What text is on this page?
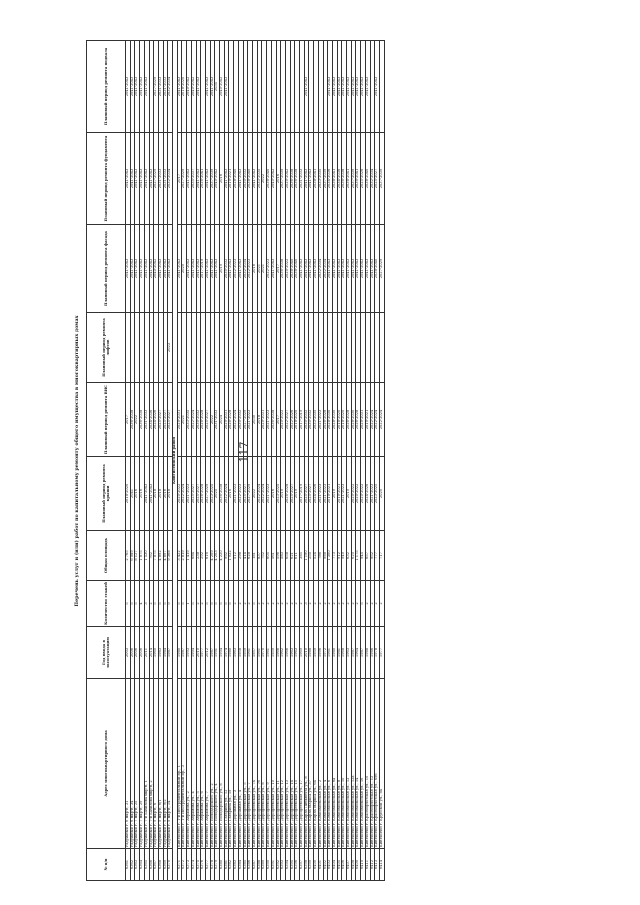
117
Перечень услуг и (или) работ по капитальному ремонту общего имущества в многоквартирных домах
№ п/п	Адрес многоквартирного дома	Год ввода в эксплуатацию	Количество этажей	Общая площадь	Плановый период ремонта крыши	Плановый период ремонта ВИС	Плановый период ремонта лифтов	Плановый период ремонта фасада	Плановый период ремонта фундамента	Плановый период ремонта подвала
6361	Радужный г. 6 мкр-н, 31	2003	5	2 765	2018-2020	2017		2041-2043	2041-2043	2041-2043
6362	Радужный г. 6 мкр-н, 34	2006	5	6 989	2041	2036-2038		2041-2043	2041-2043	2041-2043
6363	Радужный г. 7 мкр-н, 25	2006	5	8 127	2016	2022		2041-2043	2041-2043	2041-2043
6364	Радужный г. 7 мкр-н, 29	2006	4	1 875	2016	2036-2038		2041-2043	2041-2043	2041-2043
6365	Радужный г. 7-й Бахилова мкр-н, 1	2011	3	1 530	2041-2043	2031-2033		2041-2043	2041-2043	2041-2043
6366	Радужный г. 7-й Бахилова мкр-н, 2	2014	2	762	2041-2043	2034-2036		2041-2043	2041-2043	
6367	Радужный г. 9 мкр-н, 6	1960	5	7 875	2018	2024-2026		2040-2042	2027-2029	2027-2029
6368	Радужный г. 9 мкр-н, 6/1	1983	5	4 892	2018	2025-2027		2041-2043	2031-2033	2031-2033
6369	Радужный г. 9 мкр-н, 9/2	1984	5	4 897	2016	2025-2027		2041-2043	2031-2033	2031-2033
6370	Радужный г. 9 мкр-н, 14	1987	9	9 368	2018	2025-2027	2023	2041-2043	2032-2034	2032-2034
Кингисеппский район										
6371	Кингисепп г. 1-й Инструментальный пр., 1	1980	5	3 422	2020-2022	2029-2031		2041-2043	2017	2041-2043
6372	Кингисепп г. 1-й Инструментальный пр., 3	1987	5	2 819	2022-2024	2021		2020	2027-2029	2018-2020
6373	Кингисепп г. Абрамова ул., 2	1993	1	1 419	2021-2023	2033-2035		2041-2043	2041-2043	2040-2042
6374	Кингисепп г. Абрамова ул., 4	1994	5	684	2025-2027	2022-2024		2041-2043	2035-2037	2040-2042
6375	Кингисепп г. Абрамова ул., 5	2010	2	238	2025-2027	2030-2032		2041-2043	2041-2043	2041-2043
6376	Кингисепп г. Абрамова ул., 6	1977	2	292	2026-2028	2026-2028		2017-2019	2026-2041	
6377	Кингисепп г. Абрамова ул., 7	2012	5	616	2027-2029	2025-2027		2041-2043	2041-2043	2041-2043
6378	Кингисепп г. Володарского ул., 2	1987	5	4 209	2023-2025	2022		2041-2043	2037-2039	2041-2043
6379	Кингисепп г. Володарского ул., 4	1991	5	4 203	2025	2031-2033		2041-2043	2040-2042	2035
6380	Кингисепп г. Володарского ул., 8	1994	5	4 220	2036-2038	2024		2019	2016	2040-2042
6381	Кингисепп г. Гагарина ул., 12	1974	5	992	2022-2024	2029-2031		2030-2032	2041-2043	2041-2043
6382	Кингисепп г. Гагарина ул., 19	1980	5	1 932	2016	2026-2028		2041-2043	2019-2021	
6383	Кингисепп г. Дорожная ул., 3	1963	2	512	2021-2023	2022-2024		2022-2023	2028-2040	
6384	Кингисепп г. Дорожная ул., 4	1958	2	298	2022-2023	2030-2032		2041-2043	2041-2043	
6385	Кингисепп г. Дорофеевская ул., 5	1959	2	414	2025-2027	2027-2029		2032-2034	2030-2032	
6386	Кингисепп г. Дорофеевская ул., 7	1961	2	628	2027-2029	2021-2023		2022-2023	2038-2040	
6387	Кингисепп г. Дорофеевская ул., 7а	1957	5	181	2022	2030		2016	2041-2043	
6388	Кингисепп г. Дорофеевская ул., 7б	1961	2	837	2022-2024	2018		2021	2033-2035	
6389	Кингисепп г. Дорофеевская ул., 8	1970	2	752	2022-2024	2029-2031		2021	2022	
6390	Кингисепп г. Дорофеевская ул., 9	1961	2	605	2021-2023	2021-2023		2022-2023	2038-2040	
6391	Кингисепп г. Дорофеевская ул., 10	1959	2	561	2016	2036-2038		2041-2043	2040-2042	
6392	Кингисепп г. Дорофеевская ул., 11	1966	2	596	2023-2025	2017		2017	2016	
6393	Кингисепп г. Дорофеевская ул., 12	1962	2	583	2019	2020-2022		2036-2038	2037-2039	
6394	Кингисепп г. Дорофеевская ул., 13	1966	2	658	2026-2028	2022-2027		2020-2022	2020-2042	
6395	Кингисепп г. Дорофеевская ул., 14	1963	2	621	2025-2027	2022-2026		2038-2040	2036-2038	
6396	Кингисепп г. Дорофеевская ул., 15	1963	2	611	2019	2018-2020		2038-2040	2036-2038	
6397	Кингисепп г. Дорофеевская ул., 17	1969	2	385	2017-2019	2017-2019		2041-2043	2031-2033	
6398	Кингисепп г. Карла Либкнехта ул., 8	2010	3	1 190	2025-2027	2030-2032		2041-2043	2041-2043	2041-2043
6399	Кингисепп г. Карла Маркса ул., 37	1988	2	250	2025-2027	2030-2032		2041-2043	2041-2043	
6400	Кингисепп г. Карла Маркса ул., 64	1959	2	524	2024-2026	2033-2035		2041-2043	2038-2041	
6401	Кингисепп г. Комсомольская ул., 2	1996	2	786	2021-2023	2021-2023		2032-2034	2033-2035	
6402	Кингисепп г. Комсомольская ул., 4	1972	2	988	2021-2023	2026-2028		2032-2034	2037-2039	
6403	Кингисепп г. Комсомольская ул., 6	1961	2	1 300	2019-2021	2028-2030		2041-2043	2034-2036	2041-2043
6404	Кингисепп г. Комсомольская ул., 6а	1980	2	773	2019	2028-2030		2041-2043	2038-2041	2041-2043
6405	Кингисепп г. Комсомольская ул., 8	1981	2	912	2019-2021	2018-2020		2041-2043	2034-2036	2041-2043
6406	Кингисепп г. Комсомольская ул., 10	1968	2	949	2021-2023	2018-2020		2041-2043	2036-2038	2041-2043
6407	Кингисепп г. Комсомольская ул., 12	1963	2	632	2019	2026-2028		2041-2043	2038-2041	2041-2043
6408	Кингисепп г. Комсомольская ул., 12а	1987	2	620	2020-2022	2028-2030		2041-2043	2037-2039	2041-2043
6409	Кингисепп г. Комсомольская ул., 14	1964	2	1 175	2020-2022	2026-2028		2041-2043	2039-2041	2041-2043
6410	Кингисепп г. Комсомольская ул., 16	1987	5	945	2020-2022	2029-2031		2041-2043	2025-2026	2041-2043
6411	Кингисепп г. Краснофлотская ул., 10	1988	2	657	2024-2026	2019-2021		2041-2043	2038-2040	2041-2043
6412	Кингисепп г. Краснофлотская ул., 12	1986	2	952	2021-2023	2022-2024		2041-2043	2032-2034	
6413	Кингисепп г. Краснофлотская ул., 69б	1978	2	777	2023-2025	2022-2024		2038-2040	2025-2027	2041-2043
6414	Кингисепп г. Крупской ул., 8а	1977	2	717	2020	2022-2024		2027-2029	2037-2039	
